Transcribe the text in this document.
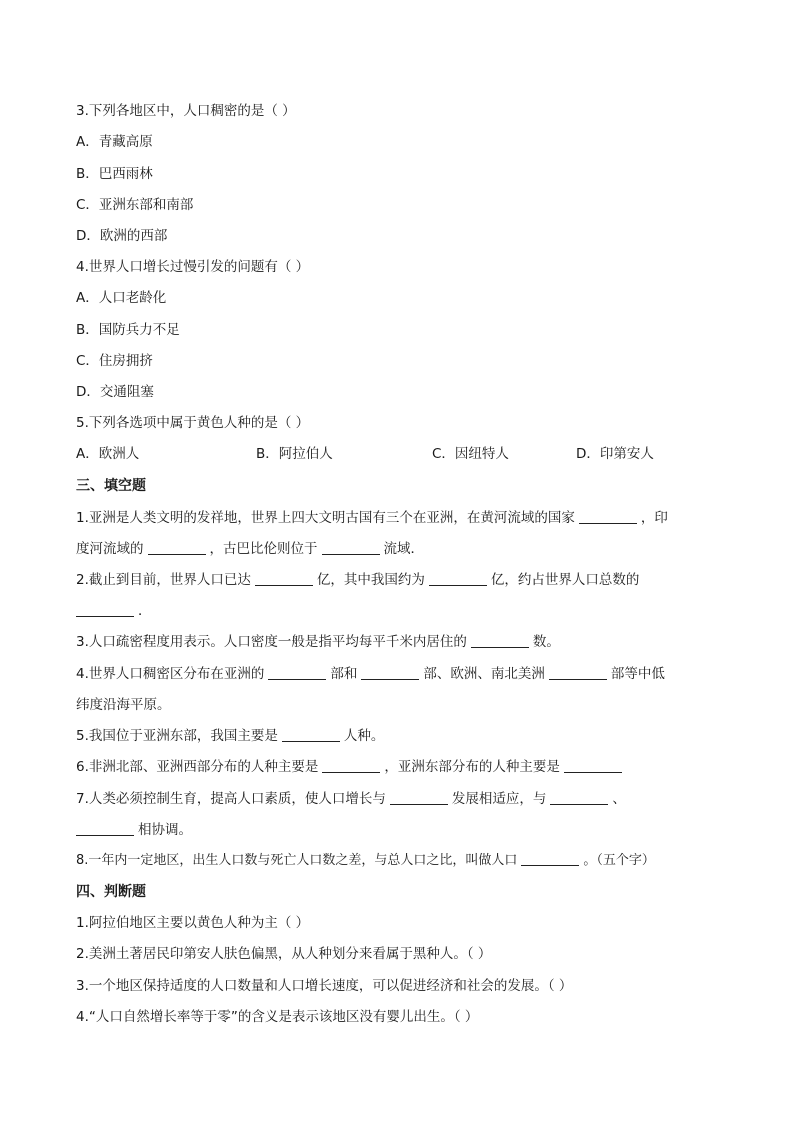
3.下列各地区中，人口稠密的是（ ）
A．青藏高原
B．巴西雨林
C．亚洲东部和南部
D．欧洲的西部
4.世界人口增长过慢引发的问题有（ ）
A．人口老龄化
B．国防兵力不足
C．住房拥挤
D．交通阻塞
5.下列各选项中属于黄色人种的是（ ）
A．欧洲人	B．阿拉伯人	C．因纽特人	D．印第安人
三、填空题
1.亚洲是人类文明的发祥地，世界上四大文明古国有三个在亚洲，在黄河流域的国家	，印
度河流域的	，古巴比伦则位于	流域．
2.截止到目前，世界人口已达	亿，其中我国约为	亿，约占世界人口总数的
．
3.人口疏密程度用表示。人口密度一般是指平均每平千米内居住的	数。
4.世界人口稠密区分布在亚洲的	部和	部、欧洲、南北美洲	部等中低
纬度沿海平原。
5.我国位于亚洲东部，我国主要是	人种。
6.非洲北部、亚洲西部分布的人种主要是	，亚洲东部分布的人种主要是
7.人类必须控制生育，提高人口素质，使人口增长与	发展相适应，与	、
相协调。
8.一年内一定地区，出生人口数与死亡人口数之差，与总人口之比，叫做人口	。（五个字）
四、判断题
1.阿拉伯地区主要以黄色人种为主（ ）
2.美洲土著居民印第安人肤色偏黑，从人种划分来看属于黑种人。（ ）
3.一个地区保持适度的人口数量和人口增长速度，可以促进经济和社会的发展。（ ）
4.“人口自然增长率等于零”的含义是表示该地区没有婴儿出生。（ ）
